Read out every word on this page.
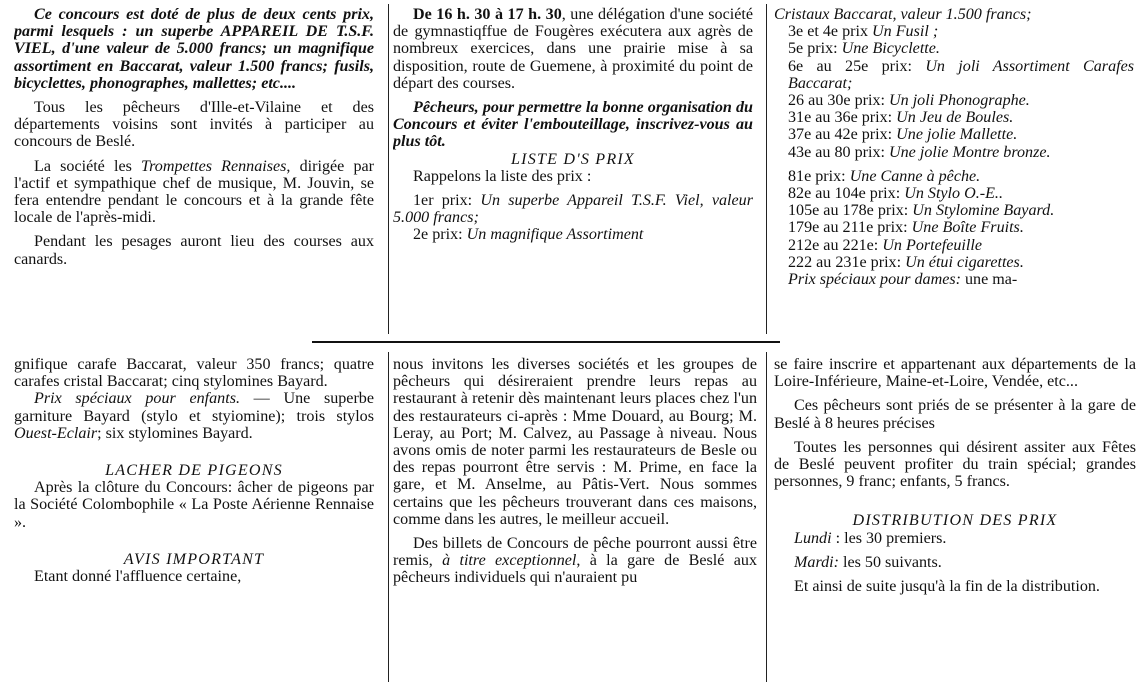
Ce concours est doté de plus de deux cents prix, parmi lesquels : un superbe APPAREIL DE T.S.F. VIEL, d'une valeur de 5.000 francs; un magnifique assortiment en Baccarat, valeur 1.500 francs; fusils, bicyclettes, phonographes, mallettes; etc....

Tous les pêcheurs d'Ille-et-Vilaine et des départements voisins sont invités à participer au concours de Beslé.

La société les Trompettes Rennaises, dirigée par l'actif et sympathique chef de musique, M. Jouvin, se fera entendre pendant le concours et à la grande fête locale de l'après-midi.

Pendant les pesages auront lieu des courses aux canards.

De 16 h. 30 à 17 h. 30, une délégation d'une société de gymnastiqffue de Fougères exécutera aux agrès de nombreux exercices, dans une prairie mise à sa disposition, route de Guemene, à proximité du point de départ des courses.

Pêcheurs, pour permettre la bonne organisation du Concours et éviter l'embouteillage, inscrivez-vous au plus tôt.

LISTE D'S PRIX

Rappelons la liste des prix :

1er prix: Un superbe Appareil T.S.F. Viel, valeur 5.000 francs;

2e prix: Un magnifique Assortiment

Cristaux Baccarat, valeur 1.500 francs;

3e et 4e prix Un Fusil ;

5e prix: Une Bicyclette.

6e au 25e prix: Un joli Assortiment Carafes Baccarat;

26 au 30e prix: Un joli Phonographe.

31e au 36e prix: Un Jeu de Boules.

37e au 42e prix: Une jolie Mallette.

43e au 80 prix: Une jolie Montre bronze.

81e prix: Une Canne à pêche.

82e au 104e prix: Un Stylo O.-E..

105e au 178e prix: Un Stylomine Bayard.

179e au 211e prix: Une Boîte Fruits.

212e au 221e: Un Portefeuille

222 au 231e prix: Un étui cigarettes.

Prix spéciaux pour dames: une ma-

gnifique carafe Baccarat, valeur 350 francs; quatre carafes cristal Baccarat; cinq stylomines Bayard.

Prix spéciaux pour enfants. — Une superbe garniture Bayard (stylo et styiomine); trois stylos Ouest-Eclair; six stylomines Bayard.

LACHER DE PIGEONS

Après la clôture du Concours: âcher de pigeons par la Société Colombophile « La Poste Aérienne Rennaise ».

AVIS IMPORTANT

Etant donné l'affluence certaine,

nous invitons les diverses sociétés et les groupes de pêcheurs qui désireraient prendre leurs repas au restaurant à retenir dès maintenant leurs places chez l'un des restaurateurs ci-après : Mme Douard, au Bourg; M. Leray, au Port; M. Calvez, au Passage à niveau. Nous avons omis de noter parmi les restaurateurs de Besle ou des repas pourront être servis : M. Prime, en face la gare, et M. Anselme, au Pâtis-Vert. Nous sommes certains que les pêcheurs trouverant dans ces maisons, comme dans les autres, le meilleur accueil.

Des billets de Concours de pêche pourront aussi être remis, à titre exceptionnel, à la gare de Beslé aux pêcheurs individuels qui n'auraient pu

se faire inscrire et appartenant aux départements de la Loire-Inférieure, Maine-et-Loire, Vendée, etc...

Ces pêcheurs sont priés de se présenter à la gare de Beslé à 8 heures précises

Toutes les personnes qui désirent assiter aux Fêtes de Beslé peuvent profiter du train spécial; grandes personnes, 9 franc; enfants, 5 francs.

DISTRIBUTION DES PRIX

Lundi : les 30 premiers.

Mardi: les 50 suivants.

Et ainsi de suite jusqu'à la fin de la distribution.
